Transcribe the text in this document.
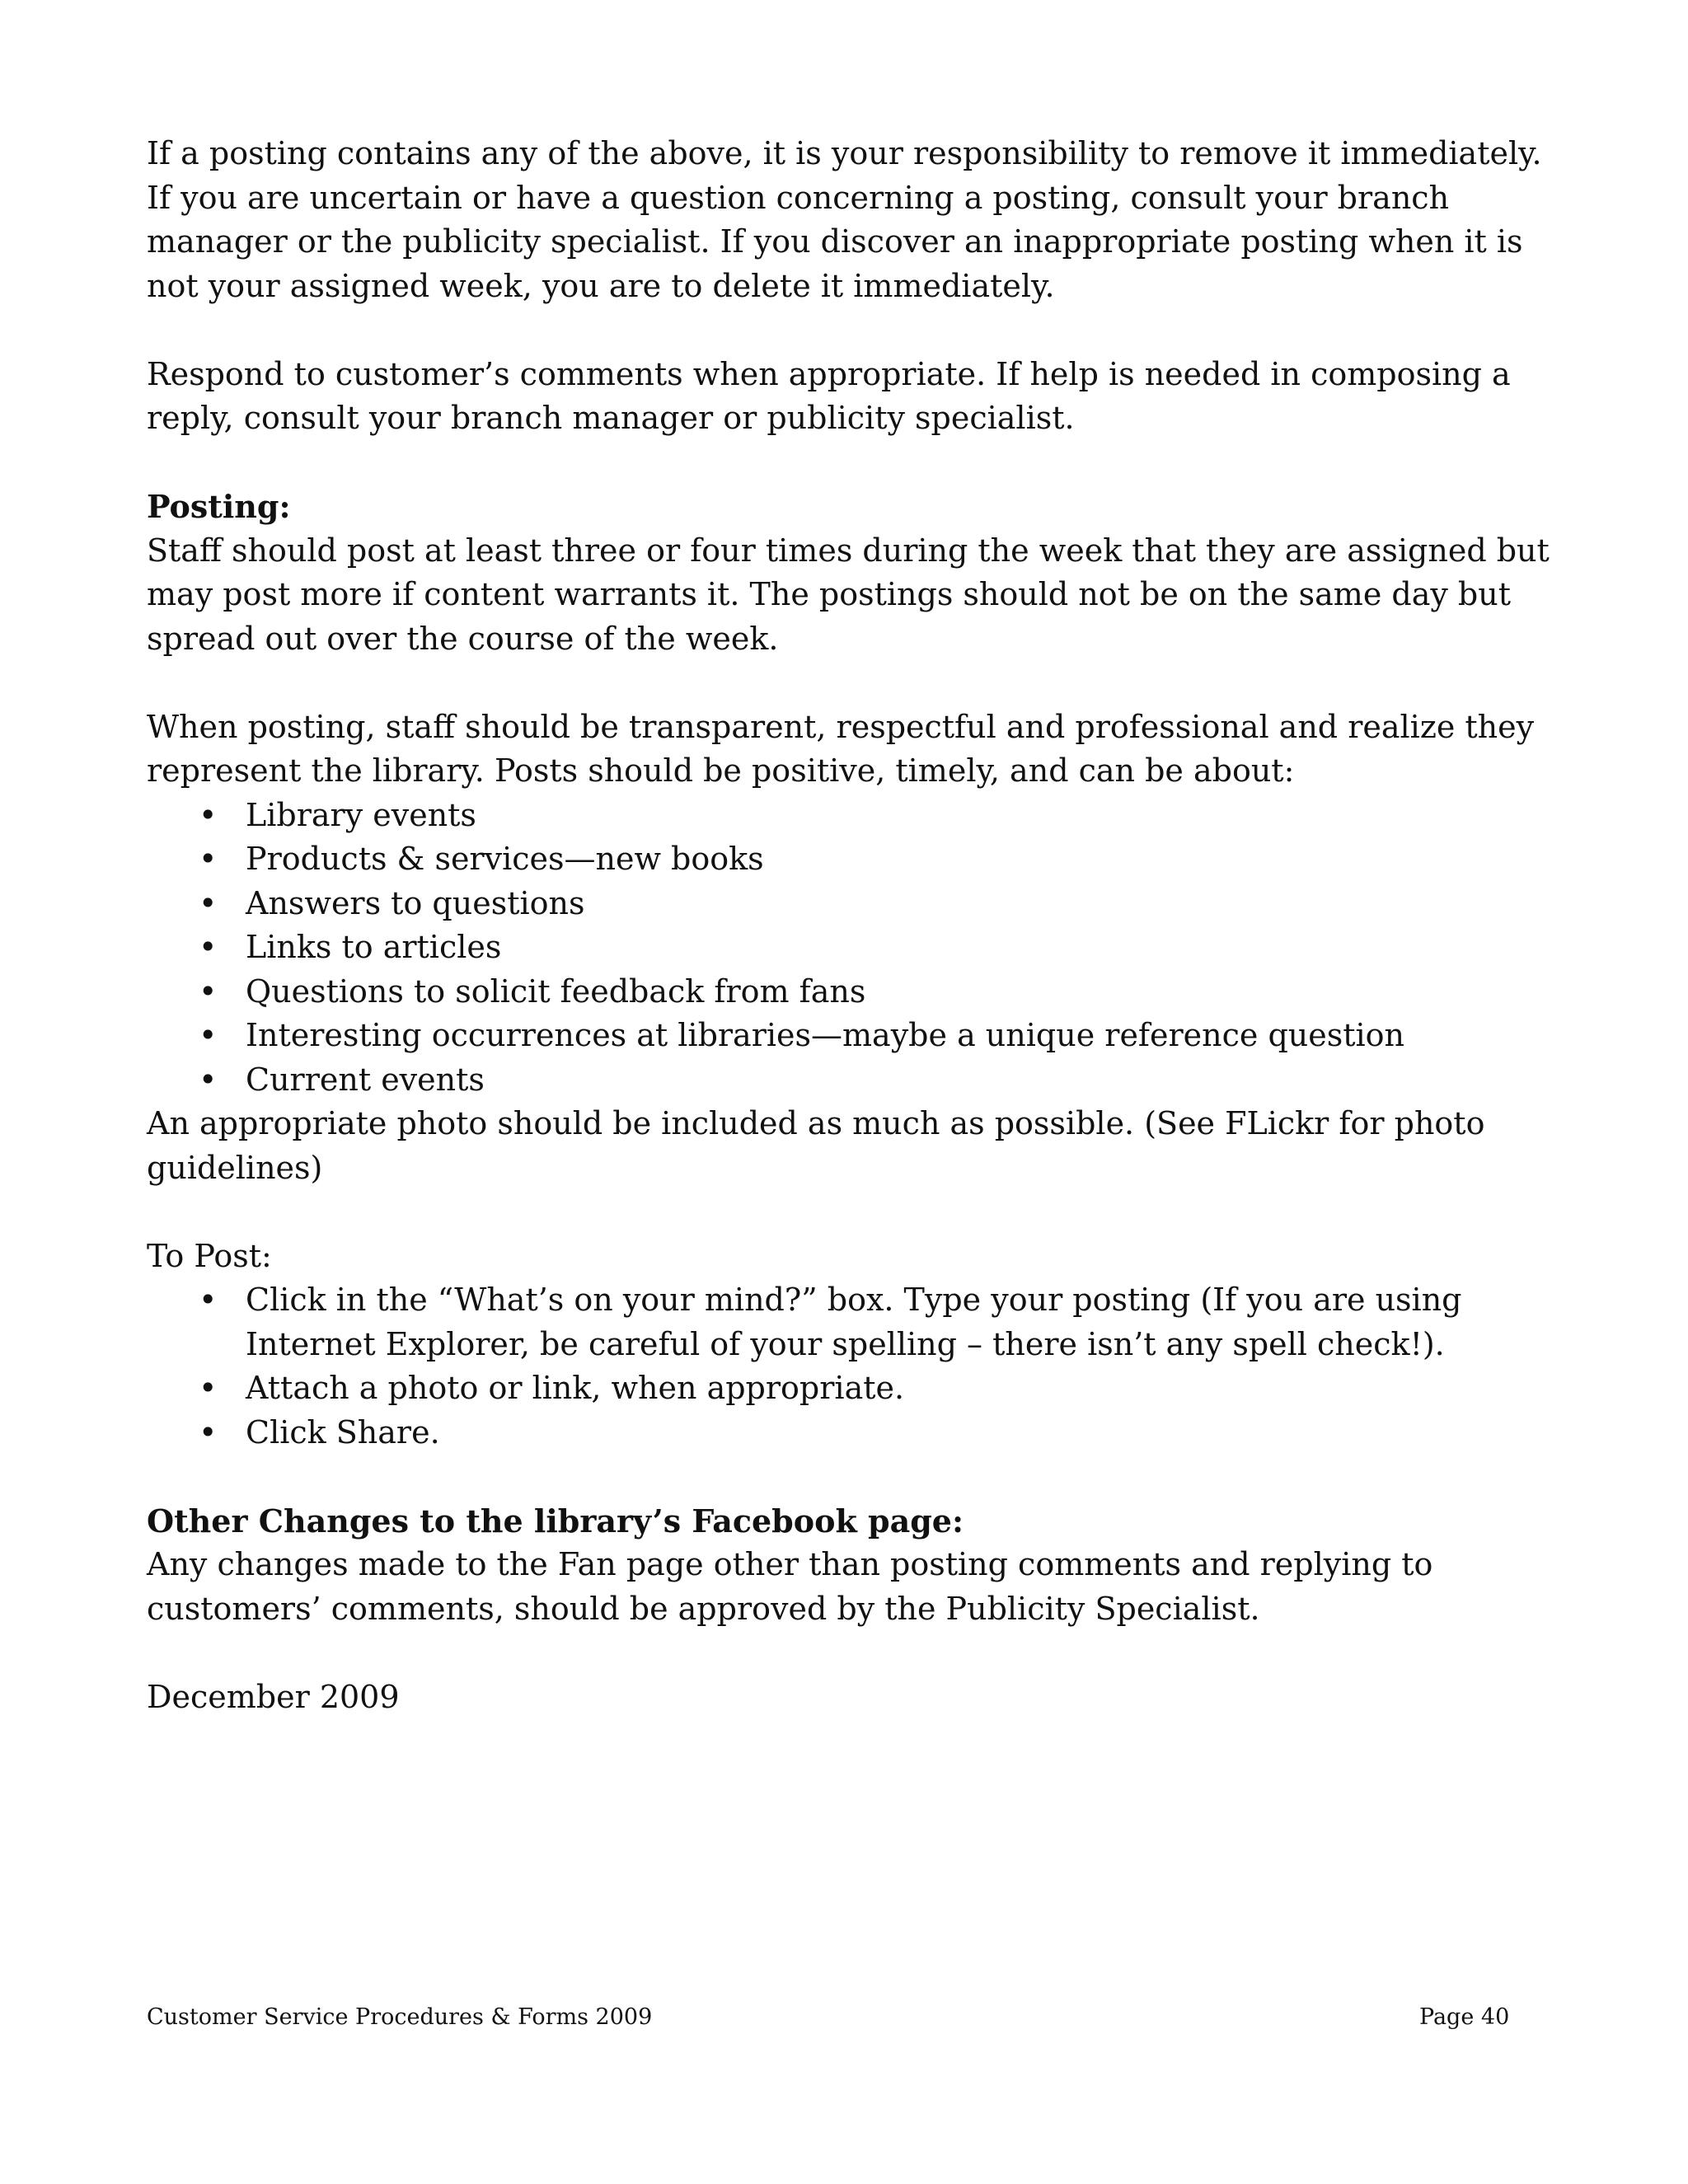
If a posting contains any of the above, it is your responsibility to remove it immediately. If you are uncertain or have a question concerning a posting, consult your branch manager or the publicity specialist. If you discover an inappropriate posting when it is not your assigned week, you are to delete it immediately.

Respond to customer’s comments when appropriate. If help is needed in composing a reply, consult your branch manager or publicity specialist.

Posting:

Staff should post at least three or four times during the week that they are assigned but may post more if content warrants it. The postings should not be on the same day but spread out over the course of the week.

When posting, staff should be transparent, respectful and professional and realize they represent the library. Posts should be positive, timely, and can be about:

• Library events
• Products & services—new books
• Answers to questions
• Links to articles
• Questions to solicit feedback from fans
• Interesting occurrences at libraries—maybe a unique reference question
• Current events

An appropriate photo should be included as much as possible. (See FLickr for photo guidelines)

To Post:

• Click in the “What’s on your mind?” box. Type your posting (If you are using Internet Explorer, be careful of your spelling – there isn’t any spell check!).
• Attach a photo or link, when appropriate.
• Click Share.

Other Changes to the library’s Facebook page:

Any changes made to the Fan page other than posting comments and replying to customers’ comments, should be approved by the Publicity Specialist.

December 2009

Customer Service Procedures & Forms 2009	Page 40
